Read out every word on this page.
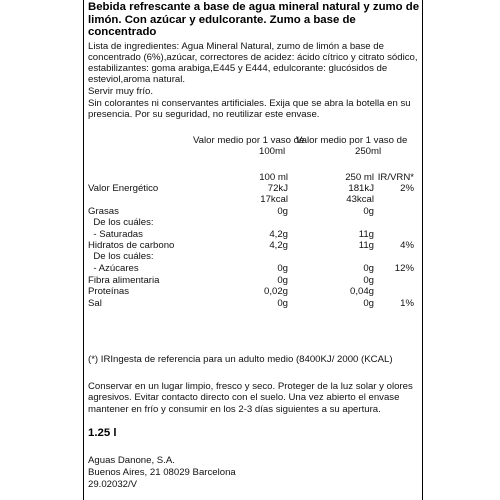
Bebida refrescante a base de agua mineral natural y zumo de
limón. Con azúcar y edulcorante. Zumo a base de
concentrado
Lista de ingredientes: Agua Mineral Natural, zumo de limón a base de
concentrado (6%),azúcar, correctores de acidez: ácido cítrico y citrato sódico,
estabilizantes: goma arabiga,E445 y E444, edulcorante: glucósidos de
esteviol,aroma natural.
Servir muy frío.
Sin colorantes ni conservantes artificiales. Exija que se abra la botella en su
presencia. Por su seguridad, no reutilizar este envase.
Valor medio por 1 vaso de
100ml
Valor medio por 1 vaso de
250ml
100 ml	250 ml IR/VRN*
Valor Energético	72kJ	181kJ	2%
17kcal	43kcal
Grasas	0g	0g
De los cuáles:
- Saturadas	4,2g	11g
Hidratos de carbono	4,2g	11g	4%
De los cuáles:
- Azúcares	0g	0g	12%
Fibra alimentaria	0g	0g
Proteínas	0,02g	0,04g
Sal	0g	0g	1%
(*) IRIngesta de referencia para un adulto medio (8400KJ/ 2000 (KCAL)
Conservar en un lugar limpio, fresco y seco. Proteger de la luz solar y olores
agresivos. Evitar contacto directo con el suelo. Una vez abierto el envase
mantener en frío y consumir en los 2-3 días siguientes a su apertura.
1.25 l
Aguas Danone, S.A.
Buenos Aires, 21 08029 Barcelona
29.02032/V
